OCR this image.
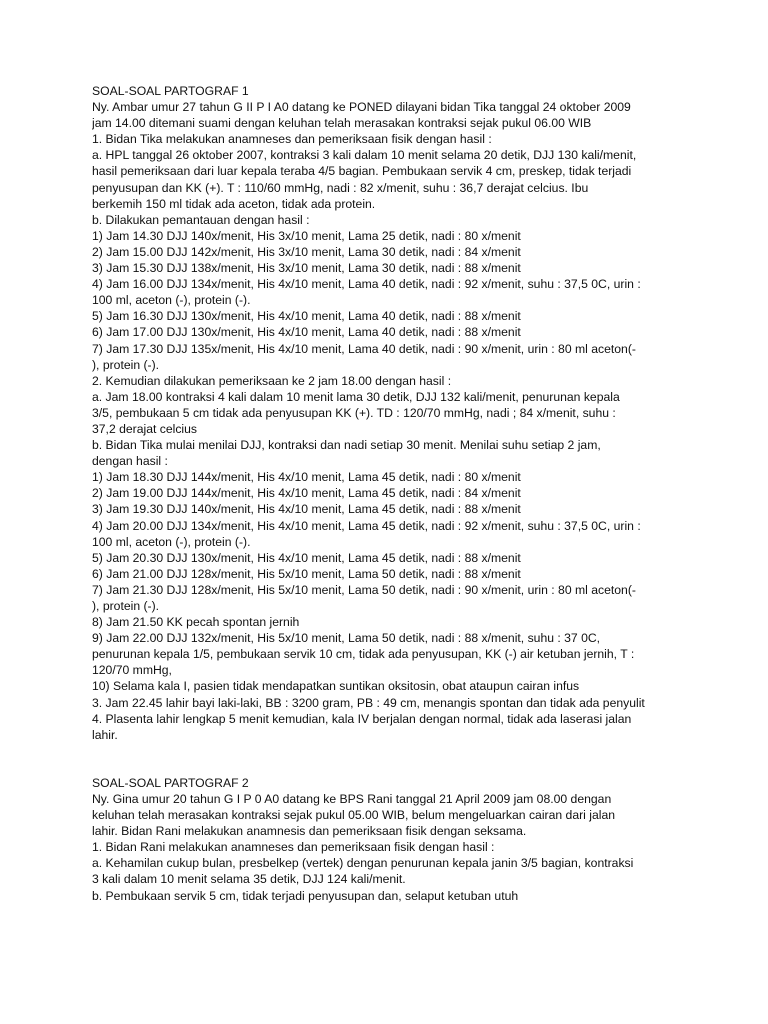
SOAL-SOAL PARTOGRAF 1
Ny. Ambar umur 27 tahun G II P I A0 datang ke PONED dilayani bidan Tika tanggal 24 oktober 2009
jam 14.00 ditemani suami dengan keluhan telah merasakan kontraksi sejak pukul 06.00 WIB
1. Bidan Tika melakukan anamneses dan pemeriksaan fisik dengan hasil :
a. HPL tanggal 26 oktober 2007, kontraksi 3 kali dalam 10 menit selama 20 detik, DJJ 130 kali/menit,
hasil pemeriksaan dari luar kepala teraba 4/5 bagian. Pembukaan servik 4 cm, preskep, tidak terjadi
penyusupan dan KK (+). T : 110/60 mmHg, nadi : 82 x/menit, suhu : 36,7 derajat celcius. Ibu
berkemih 150 ml tidak ada aceton, tidak ada protein.
b. Dilakukan pemantauan dengan hasil :
1) Jam 14.30 DJJ 140x/menit, His 3x/10 menit, Lama 25 detik, nadi : 80 x/menit
2) Jam 15.00 DJJ 142x/menit, His 3x/10 menit, Lama 30 detik, nadi : 84 x/menit
3) Jam 15.30 DJJ 138x/menit, His 3x/10 menit, Lama 30 detik, nadi : 88 x/menit
4) Jam 16.00 DJJ 134x/menit, His 4x/10 menit, Lama 40 detik, nadi : 92 x/menit, suhu : 37,5 0C, urin :
100 ml, aceton (-), protein (-).
5) Jam 16.30 DJJ 130x/menit, His 4x/10 menit, Lama 40 detik, nadi : 88 x/menit
6) Jam 17.00 DJJ 130x/menit, His 4x/10 menit, Lama 40 detik, nadi : 88 x/menit
7) Jam 17.30 DJJ 135x/menit, His 4x/10 menit, Lama 40 detik, nadi : 90 x/menit, urin : 80 ml aceton(-
), protein (-).
2. Kemudian dilakukan pemeriksaan ke 2 jam 18.00 dengan hasil :
a. Jam 18.00 kontraksi 4 kali dalam 10 menit lama 30 detik, DJJ 132 kali/menit, penurunan kepala
3/5, pembukaan 5 cm tidak ada penyusupan KK (+). TD : 120/70 mmHg, nadi ; 84 x/menit, suhu :
37,2 derajat celcius
b. Bidan Tika mulai menilai DJJ, kontraksi dan nadi setiap 30 menit. Menilai suhu setiap 2 jam,
dengan hasil :
1) Jam 18.30 DJJ 144x/menit, His 4x/10 menit, Lama 45 detik, nadi : 80 x/menit
2) Jam 19.00 DJJ 144x/menit, His 4x/10 menit, Lama 45 detik, nadi : 84 x/menit
3) Jam 19.30 DJJ 140x/menit, His 4x/10 menit, Lama 45 detik, nadi : 88 x/menit
4) Jam 20.00 DJJ 134x/menit, His 4x/10 menit, Lama 45 detik, nadi : 92 x/menit, suhu : 37,5 0C, urin :
100 ml, aceton (-), protein (-).
5) Jam 20.30 DJJ 130x/menit, His 4x/10 menit, Lama 45 detik, nadi : 88 x/menit
6) Jam 21.00 DJJ 128x/menit, His 5x/10 menit, Lama 50 detik, nadi : 88 x/menit
7) Jam 21.30 DJJ 128x/menit, His 5x/10 menit, Lama 50 detik, nadi : 90 x/menit, urin : 80 ml aceton(-
), protein (-).
8) Jam 21.50 KK pecah spontan jernih
9) Jam 22.00 DJJ 132x/menit, His 5x/10 menit, Lama 50 detik, nadi : 88 x/menit, suhu : 37 0C,
penurunan kepala 1/5, pembukaan servik 10 cm, tidak ada penyusupan, KK (-) air ketuban jernih, T :
120/70 mmHg,
10) Selama kala I, pasien tidak mendapatkan suntikan oksitosin, obat ataupun cairan infus
3. Jam 22.45 lahir bayi laki-laki, BB : 3200 gram, PB : 49 cm, menangis spontan dan tidak ada penyulit
4. Plasenta lahir lengkap 5 menit kemudian, kala IV berjalan dengan normal, tidak ada laserasi jalan
lahir.
SOAL-SOAL PARTOGRAF 2
Ny. Gina umur 20 tahun G I P 0 A0 datang ke BPS Rani tanggal 21 April 2009 jam 08.00 dengan
keluhan telah merasakan kontraksi sejak pukul 05.00 WIB, belum mengeluarkan cairan dari jalan
lahir. Bidan Rani melakukan anamnesis dan pemeriksaan fisik dengan seksama.
1. Bidan Rani melakukan anamneses dan pemeriksaan fisik dengan hasil :
a. Kehamilan cukup bulan, presbelkep (vertek) dengan penurunan kepala janin 3/5 bagian, kontraksi
3 kali dalam 10 menit selama 35 detik, DJJ 124 kali/menit.
b. Pembukaan servik 5 cm, tidak terjadi penyusupan dan, selaput ketuban utuh
